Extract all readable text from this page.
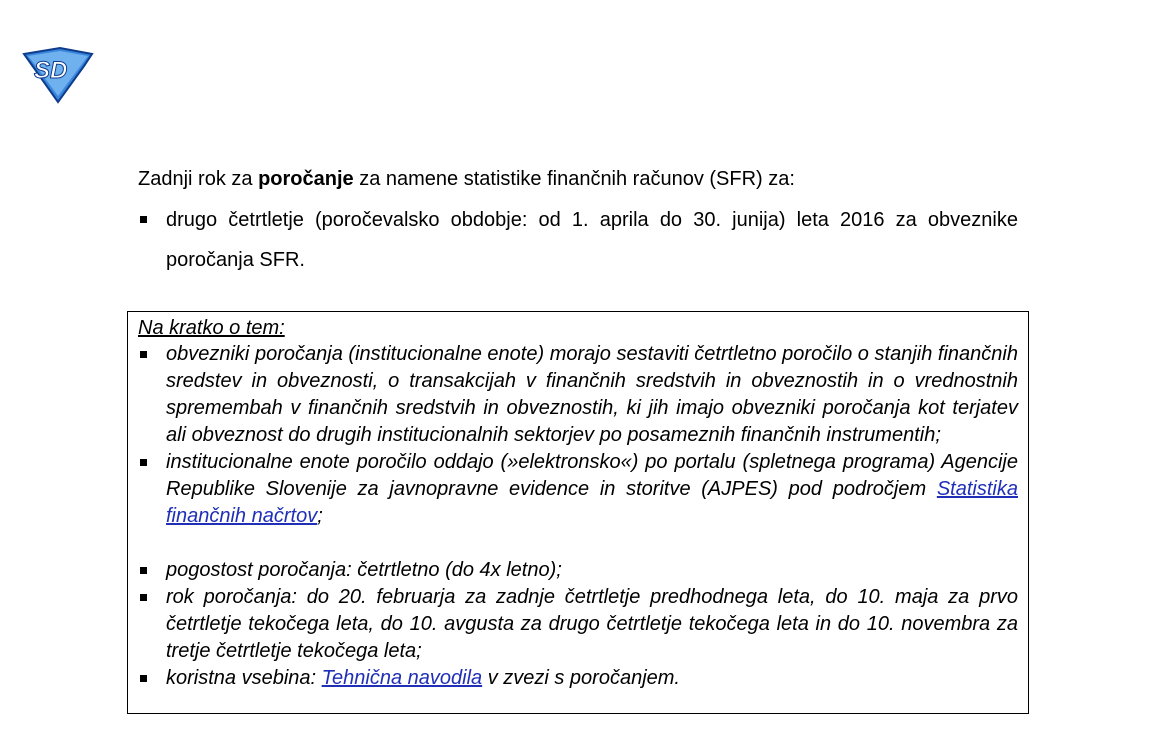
SD
Zadnji rok za poročanje za namene statistike finančnih računov (SFR) za:
drugo četrtletje (poročevalsko obdobje: od 1. aprila do 30. junija) leta 2016 za obveznike poročanja SFR.
Na kratko o tem:
obvezniki poročanja (institucionalne enote) morajo sestaviti četrtletno poročilo o stanjih finančnih sredstev in obveznosti, o transakcijah v finančnih sredstvih in obveznostih in o vrednostnih spremembah v finančnih sredstvih in obveznostih, ki jih imajo obvezniki poročanja kot terjatev ali obveznost do drugih institucionalnih sektorjev po posameznih finančnih instrumentih;
institucionalne enote poročilo oddajo (»elektronsko«) po portalu (spletnega programa) Agencije Republike Slovenije za javnopravne evidence in storitve (AJPES) pod področjem Statistika finančnih načrtov;
pogostost poročanja: četrtletno (do 4x letno);
rok poročanja: do 20. februarja za zadnje četrtletje predhodnega leta, do 10. maja za prvo četrtletje tekočega leta, do 10. avgusta za drugo četrtletje tekočega leta in do 10. novembra za tretje četrtletje tekočega leta;
koristna vsebina: Tehnična navodila v zvezi s poročanjem.
